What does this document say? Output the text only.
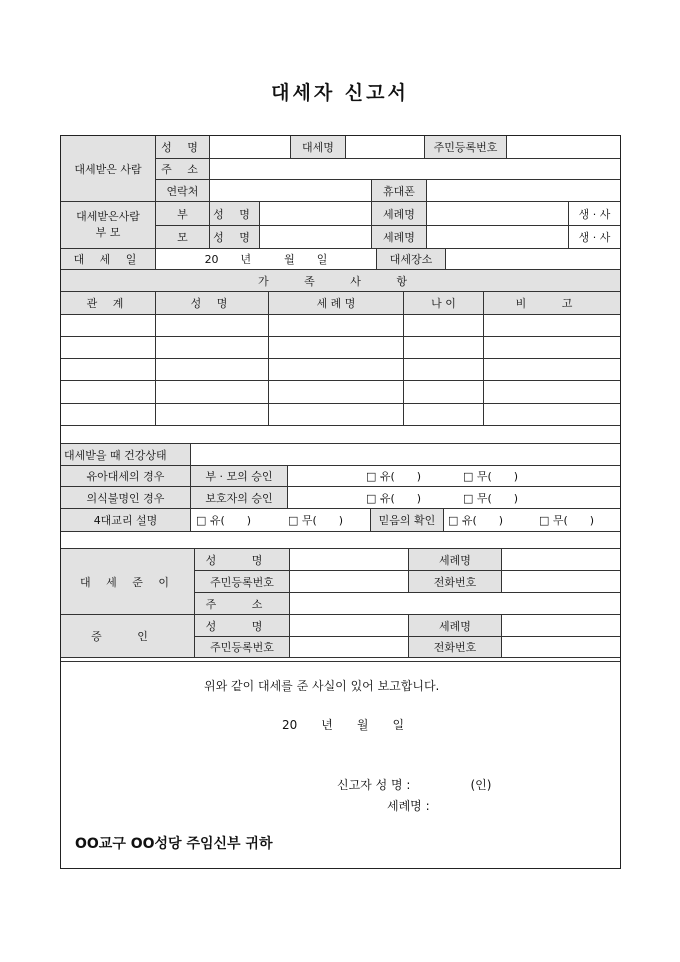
대세자 신고서
대세받은 사람
성 명	대세명	주민등록번호
주 소
연락처	휴대폰
대세받은사람
부 모
부	성 명	세례명	생 · 사
모	성 명	세례명	생 · 사
대 세 일	20　　년　　　월　　일	대세장소
가 족 사 항
관 계	성 명	세 례 명	나 이	비 고
대세받을 때 건강상태
유아대세의 경우	부 · 모의 승인	□ 유(　　)	□ 무(　　)
의식불명인 경우	보호자의 승인	□ 유(　　)	□ 무(　　)
4대교리 설명	□ 유(　　)	□ 무(　　)	믿음의 확인	□ 유(　　)	□ 무(　　)
대 세 준 이
성 명	세례명
주민등록번호	전화번호
주 소
증 인
성 명	세례명
주민등록번호	전화번호
위와 같이 대세를 준 사실이 있어 보고합니다.
20　　년　　월　　일
신고자 성 명 :　　　　　(인)
세례명 :
OO교구 OO성당 주임신부 귀하
